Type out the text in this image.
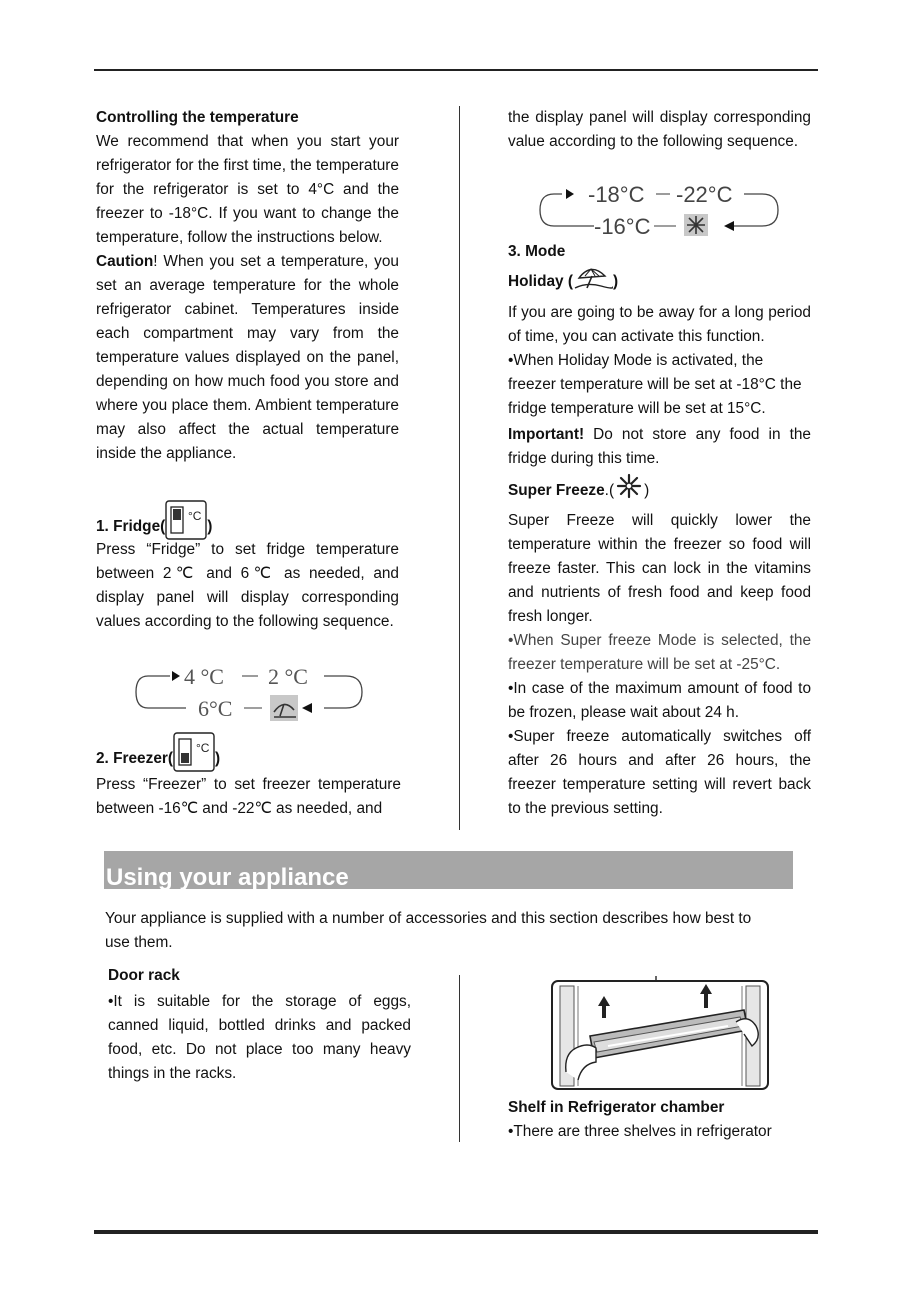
Controlling the temperature

We recommend that when you start your refrigerator for the first time, the temperature for the refrigerator is set to 4°C and the freezer to -18°C. If you want to change the temperature, follow the instructions below.

Caution! When you set a temperature, you set an average temperature for the whole refrigerator cabinet. Temperatures inside each compartment may vary from the temperature values displayed on the panel, depending on how much food you store and where you place them. Ambient temperature may also affect the actual temperature inside the appliance.

1. Fridge(
°C
)

Press “Fridge” to set fridge temperature between 2℃ and 6℃ as needed, and display panel will display corresponding values according to the following sequence.

4 °C 2 °C
6°C
2. Freezer(
°C
)

Press “Freezer” to set freezer temperature between -16℃ and -22℃ as needed, and

the display panel will display corresponding value according to the following sequence.

-18°C -22°C
-16°C

3. Mode

Holiday (	)

If you are going to be away for a long period of time, you can activate this function.

•When Holiday Mode is activated, the freezer temperature will be set at -18°C the fridge temperature will be set at 15°C.

Important! Do not store any food in the fridge during this time.

Super Freeze.( )

Super Freeze will quickly lower the temperature within the freezer so food will freeze faster. This can lock in the vitamins and nutrients of fresh food and keep food fresh longer.

•When Super freeze Mode is selected, the freezer temperature will be set at -25°C.

•In case of the maximum amount of food to be frozen, please wait about 24 h.

•Super freeze automatically switches off after 26 hours and after 26 hours, the freezer temperature setting will revert back to the previous setting.

Using your appliance

Your appliance is supplied with a number of accessories and this section describes how best to use them.

Door rack

•It is suitable for the storage of eggs, canned liquid, bottled drinks and packed food, etc. Do not place too many heavy things in the racks.

Shelf in Refrigerator chamber

•There are three shelves in refrigerator
